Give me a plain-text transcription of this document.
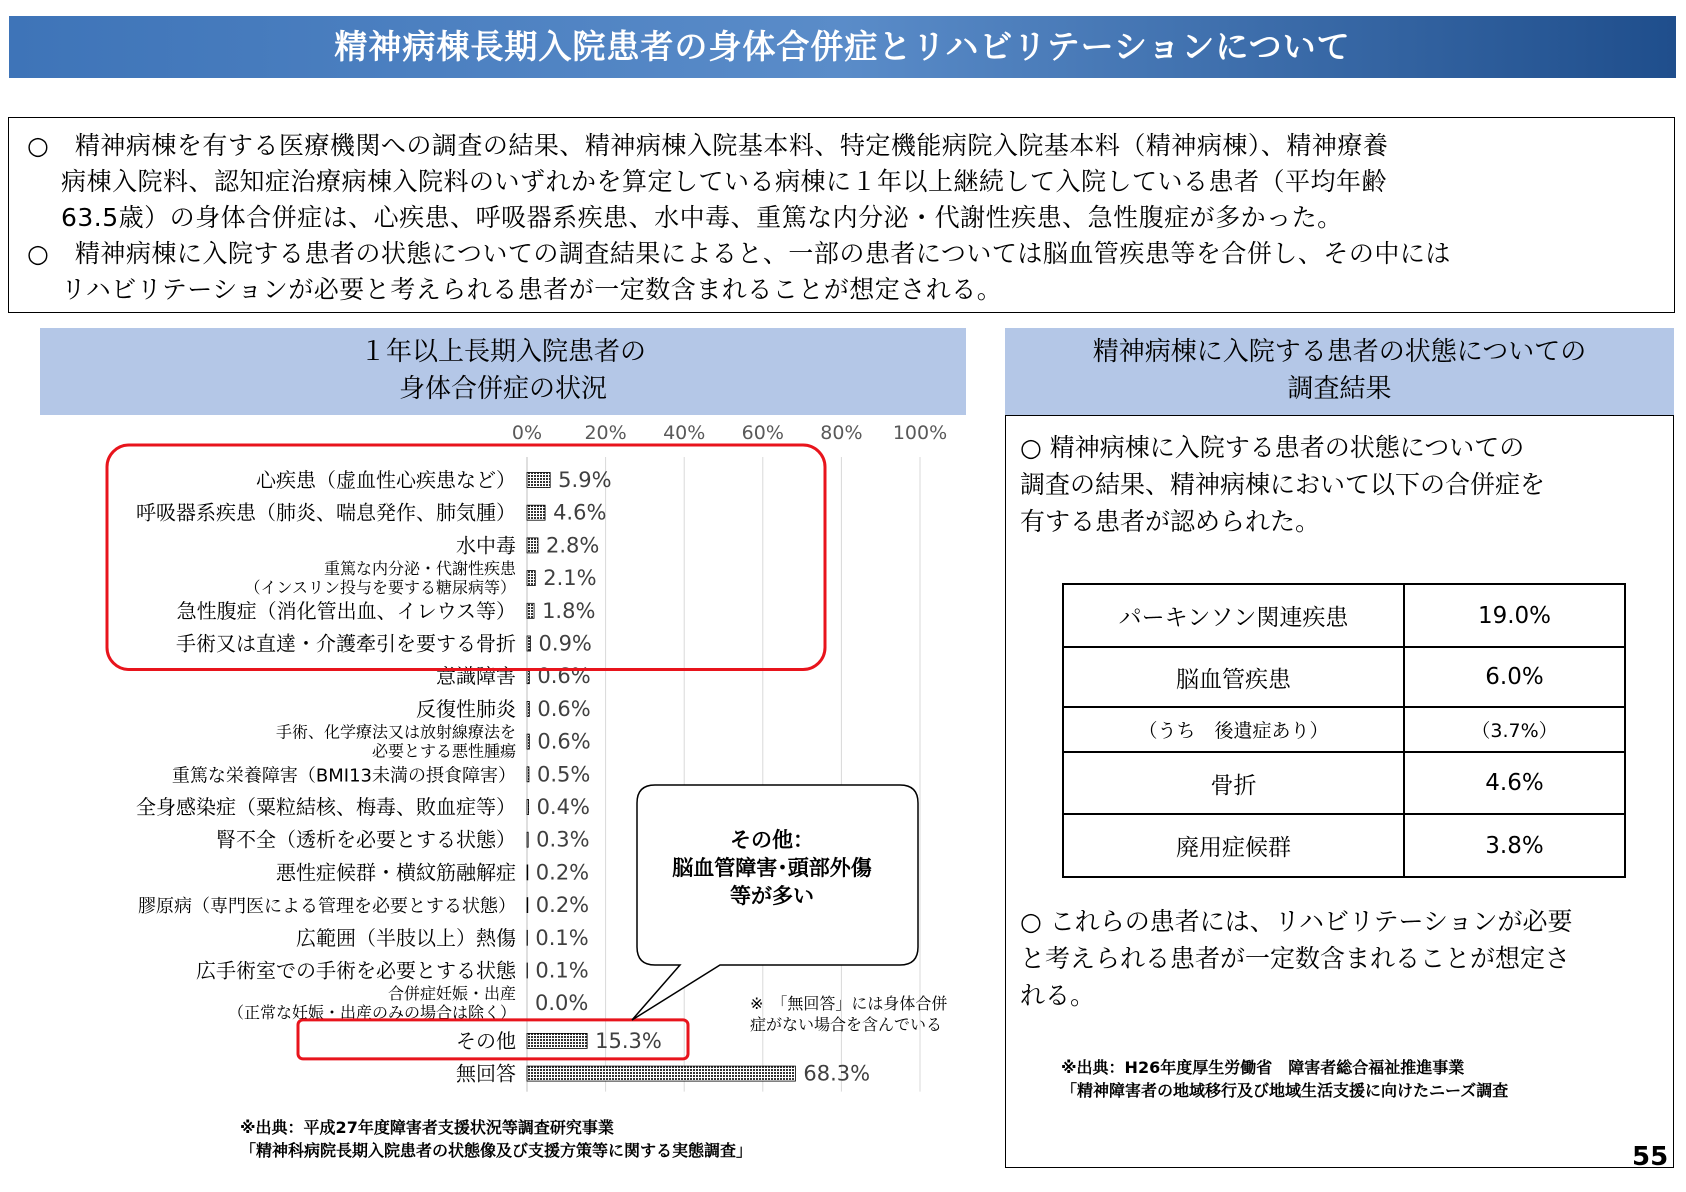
精神病棟長期入院患者の身体合併症とリハビリテーションについて
○　精神病棟を有する医療機関への調査の結果、精神病棟入院基本料、特定機能病院入院基本料（精神病棟）、精神療養
病棟入院料、認知症治療病棟入院料のいずれかを算定している病棟に１年以上継続して入院している患者（平均年齢
63.5歳）の身体合併症は、心疾患、呼吸器系疾患、水中毒、重篤な内分泌・代謝性疾患、急性腹症が多かった。
○　精神病棟に入院する患者の状態についての調査結果によると、一部の患者については脳血管疾患等を合併し、その中には
リハビリテーションが必要と考えられる患者が一定数含まれることが想定される。
１年以上長期入院患者の
身体合併症の状況
0% 20% 40% 60% 80% 100%
5.9%
心疾患（虚血性心疾患など）
4.6%
呼吸器系疾患（肺炎、喘息発作、肺気腫）
2.8%
水中毒
2.1%
重篤な内分泌・代謝性疾患
（インスリン投与を要する糖尿病等）
1.8%
急性腹症（消化管出血、イレウス等）
0.9%
手術又は直達・介護牽引を要する骨折
0.6%
意識障害
0.6%
反復性肺炎
0.6%
手術、化学療法又は放射線療法を
必要とする悪性腫瘍
0.5%
重篤な栄養障害（BMI13未満の摂食障害）
0.4%
全身感染症（粟粒結核、梅毒、敗血症等）
0.3%
腎不全（透析を必要とする状態）
0.2%
悪性症候群・横紋筋融解症
0.2%
膠原病（専門医による管理を必要とする状態）
0.1%
広範囲（半肢以上）熱傷
0.1%
広手術室での手術を必要とする状態
0.0%
合併症妊娠・出産
（正常な妊娠・出産のみの場合は除く）
15.3%
その他
68.3%
無回答
その他：
脳血管障害･頭部外傷
等が多い
※　「無回答」には身体合併
症がない場合を含んでいる
※出典：平成27年度障害者支援状況等調査研究事業
「精神科病院長期入院患者の状態像及び支援方策等に関する実態調査」
精神病棟に入院する患者の状態についての
調査結果
○ 精神病棟に入院する患者の状態についての
調査の結果、精神病棟において以下の合併症を
有する患者が認められた。
○ これらの患者には、リハビリテーションが必要
と考えられる患者が一定数含まれることが想定さ
れる。
※出典：H26年度厚生労働省　障害者総合福祉推進事業
「精神障害者の地域移行及び地域生活支援に向けたニーズ調査
パーキンソン関連疾患	19.0%
脳血管疾患	6.0%
（うち　後遺症あり）	（3.7%）
骨折	4.6%
廃用症候群	3.8%
55
